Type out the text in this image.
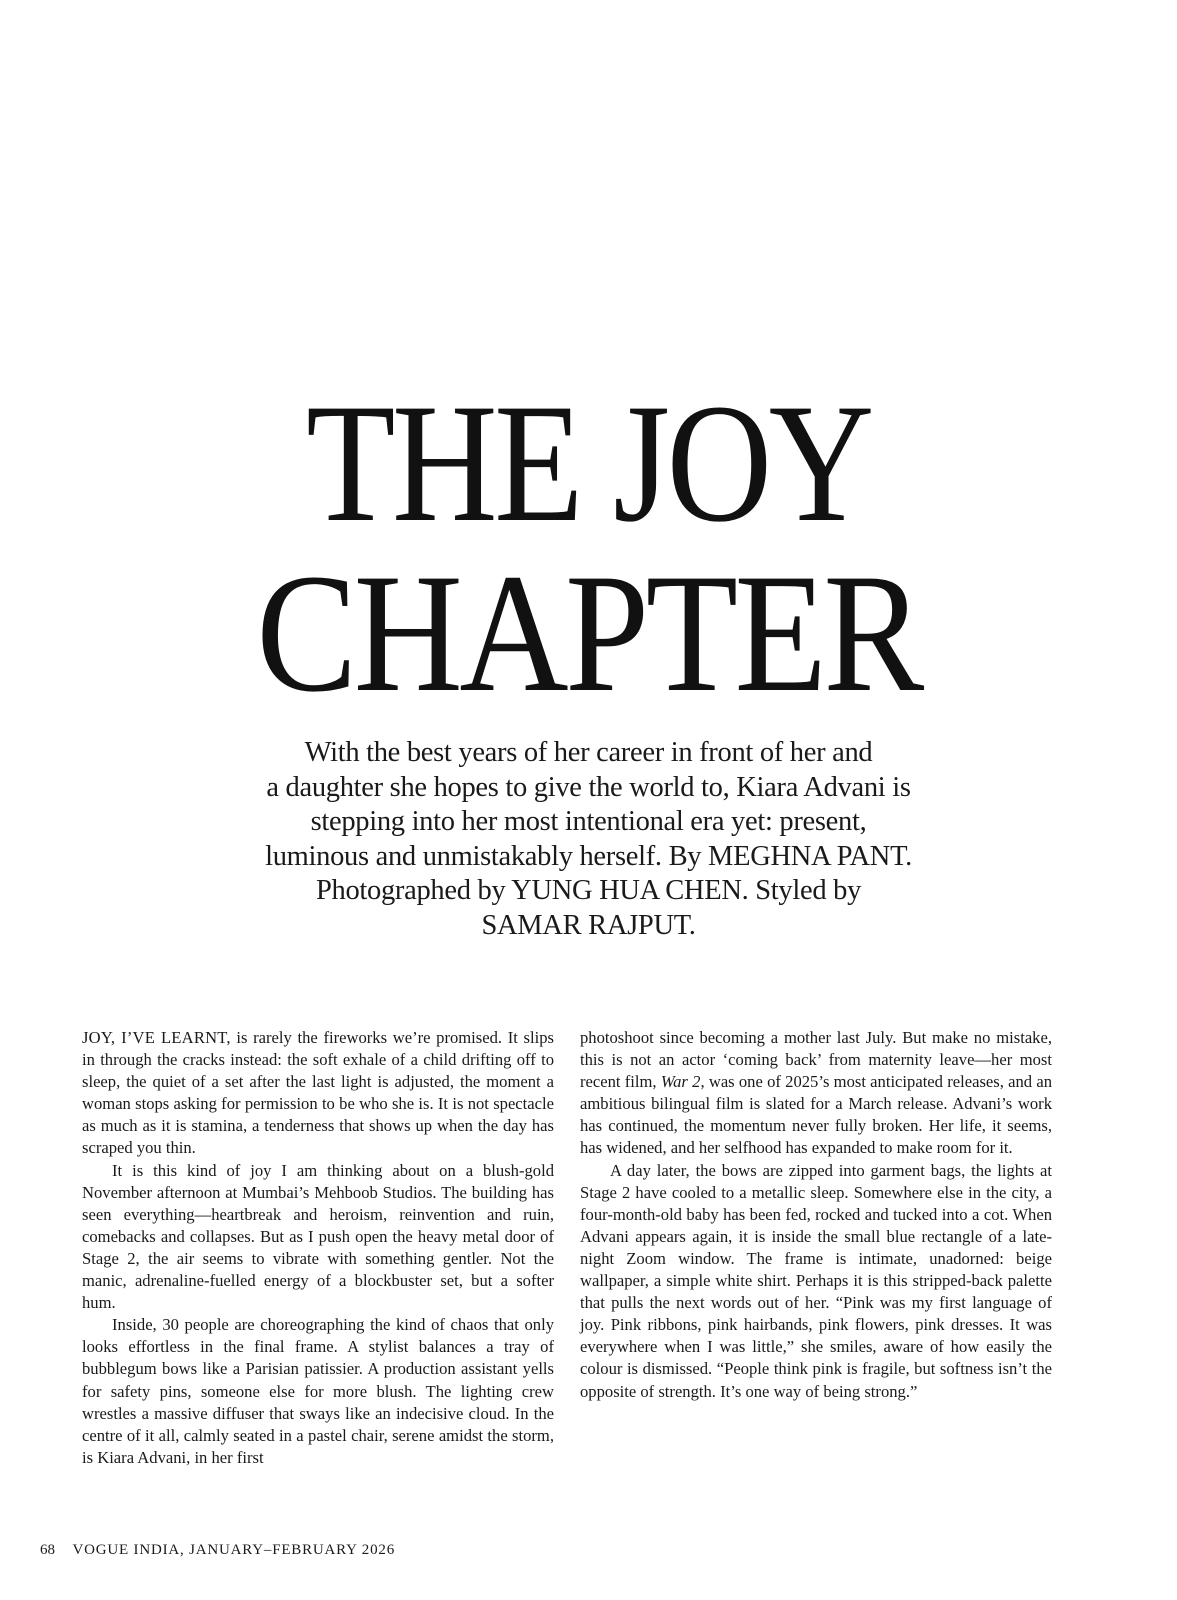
THE JOY
CHAPTER
With the best years of her career in front of her and
a daughter she hopes to give the world to, Kiara Advani is
stepping into her most intentional era yet: present,
luminous and unmistakably herself. By MEGHNA PANT.
Photographed by YUNG HUA CHEN. Styled by
SAMAR RAJPUT.

JOY, I’VE LEARNT, is rarely the fireworks we’re promised. It slips in through the cracks instead: the soft exhale of a child drifting off to sleep, the quiet of a set after the last light is adjusted, the moment a woman stops asking for permission to be who she is. It is not spectacle as much as it is stamina, a tenderness that shows up when the day has scraped you thin.

It is this kind of joy I am thinking about on a blush-gold November afternoon at Mumbai’s Mehboob Studios. The building has seen everything—heartbreak and heroism, reinvention and ruin, comebacks and collapses. But as I push open the heavy metal door of Stage 2, the air seems to vibrate with something gentler. Not the manic, adrenaline-fuelled energy of a blockbuster set, but a softer hum.

Inside, 30 people are choreographing the kind of chaos that only looks effortless in the final frame. A stylist balances a tray of bubblegum bows like a Parisian patissier. A production assistant yells for safety pins, someone else for more blush. The lighting crew wrestles a massive diffuser that sways like an indecisive cloud. In the centre of it all, calmly seated in a pastel chair, serene amidst the storm, is Kiara Advani, in her first

photoshoot since becoming a mother last July. But make no mistake, this is not an actor ‘coming back’ from maternity leave—her most recent film, War 2, was one of 2025’s most anticipated releases, and an ambitious bilingual film is slated for a March release. Advani’s work has continued, the momentum never fully broken. Her life, it seems, has widened, and her selfhood has expanded to make room for it.

A day later, the bows are zipped into garment bags, the lights at Stage 2 have cooled to a metallic sleep. Somewhere else in the city, a four-month-old baby has been fed, rocked and tucked into a cot. When Advani appears again, it is inside the small blue rectangle of a late-night Zoom window. The frame is intimate, unadorned: beige wallpaper, a simple white shirt. Perhaps it is this stripped-back palette that pulls the next words out of her. “Pink was my first language of joy. Pink ribbons, pink hairbands, pink flowers, pink dresses. It was everywhere when I was little,” she smiles, aware of how easily the colour is dismissed. “People think pink is fragile, but softness isn’t the opposite of strength. It’s one way of being strong.”

68 VOGUE INDIA, JANUARY–FEBRUARY 2026
